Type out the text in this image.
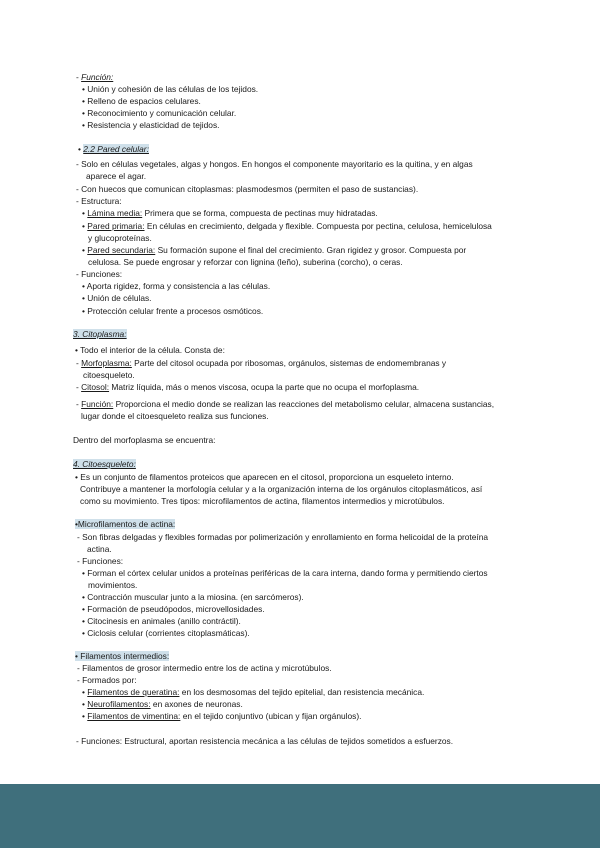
- Función:
• Unión y cohesión de las células de los tejidos.
• Relleno de espacios celulares.
• Reconocimiento y comunicación celular.
• Resistencia y elasticidad de tejidos.
• 2.2 Pared celular:
- Solo en células vegetales, algas y hongos. En hongos el componente mayoritario es la quitina, y en algas
aparece el agar.
- Con huecos que comunican citoplasmas: plasmodesmos (permiten el paso de sustancias).
- Estructura:
• Lámina media: Primera que se forma, compuesta de pectinas muy hidratadas.
• Pared primaria: En células en crecimiento, delgada y flexible. Compuesta por pectina, celulosa, hemicelulosa
y glucoproteínas.
• Pared secundaria: Su formación supone el final del crecimiento. Gran rigidez y grosor. Compuesta por
celulosa. Se puede engrosar y reforzar con lignina (leño), suberina (corcho), o ceras.
- Funciones:
• Aporta rigidez, forma y consistencia a las células.
• Unión de células.
• Protección celular frente a procesos osmóticos.
3. Citoplasma:
• Todo el interior de la célula. Consta de:
- Morfoplasma: Parte del citosol ocupada por ribosomas, orgánulos, sistemas de endomembranas y
citoesqueleto.
- Citosol: Matriz líquida, más o menos viscosa, ocupa la parte que no ocupa el morfoplasma.
- Función: Proporciona el medio donde se realizan las reacciones del metabolismo celular, almacena sustancias,
lugar donde el citoesqueleto realiza sus funciones.
Dentro del morfoplasma se encuentra:
4. Citoesqueleto:
• Es un conjunto de filamentos proteicos que aparecen en el citosol, proporciona un esqueleto interno.
Contribuye a mantener la morfología celular y a la organización interna de los orgánulos citoplasmáticos, así
como su movimiento. Tres tipos: microfilamentos de actina, filamentos intermedios y microtúbulos.
•Microfilamentos de actina:
- Son fibras delgadas y flexibles formadas por polimerización y enrollamiento en forma helicoidal de la proteína
actina.
- Funciones:
• Forman el córtex celular unidos a proteínas periféricas de la cara interna, dando forma y permitiendo ciertos
movimientos.
• Contracción muscular junto a la miosina. (en sarcómeros).
• Formación de pseudópodos, microvellosidades.
• Citocinesis en animales (anillo contráctil).
• Ciclosis celular (corrientes citoplasmáticas).
• Filamentos intermedios:
- Filamentos de grosor intermedio entre los de actina y microtúbulos.
- Formados por:
• Filamentos de queratina: en los desmosomas del tejido epitelial, dan resistencia mecánica.
• Neurofilamentos: en axones de neuronas.
• Filamentos de vimentina: en el tejido conjuntivo (ubican y fijan orgánulos).
- Funciones: Estructural, aportan resistencia mecánica a las células de tejidos sometidos a esfuerzos.
